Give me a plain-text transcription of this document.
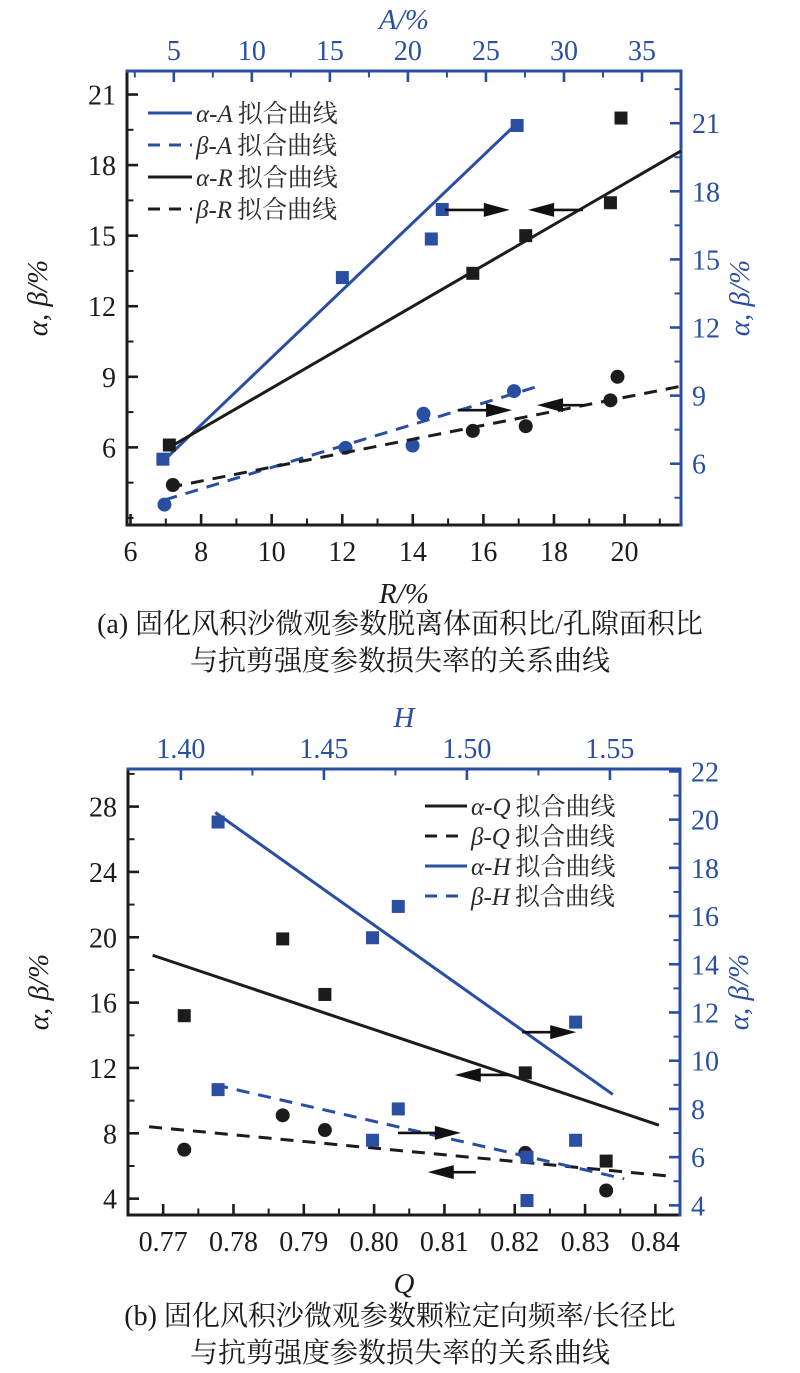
6 8 10 12 14 16 18 20
5 10 15 20 25 30 35
6
9
12
15
18
21
6
9
12
15
18
21
R/%
A/%
α, β/%	α, β/%
α-A 拟合曲线
β-A 拟合曲线
α-R 拟合曲线
β-R 拟合曲线
(a) 固化风积沙微观参数脱离体面积比/孔隙面积比
与抗剪强度参数损失率的关系曲线
0.77 0.78 0.79 0.80 0.81 0.82 0.83 0.84
1.40	1.45	1.50	1.55
4
8
12
16
20
24
28
4
6
8
10
12
14
16
18
20
22
Q
H
α, β/%	α, β/%
α-Q 拟合曲线
β-Q 拟合曲线
α-H 拟合曲线
β-H 拟合曲线
(b) 固化风积沙微观参数颗粒定向频率/长径比
与抗剪强度参数损失率的关系曲线
